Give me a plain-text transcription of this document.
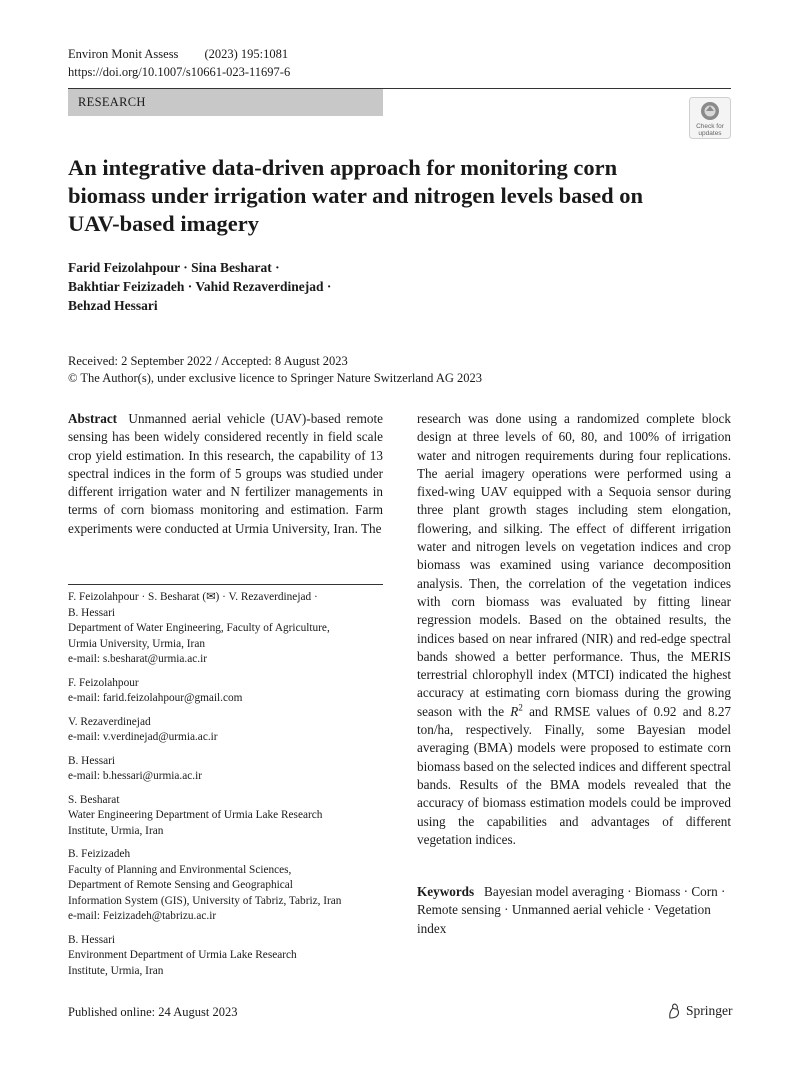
Environ Monit Assess (2023) 195:1081
https://doi.org/10.1007/s10661-023-11697-6
RESEARCH
Check for
updates
An integrative data-driven approach for monitoring corn biomass under irrigation water and nitrogen levels based on UAV-based imagery
Farid Feizolahpour · Sina Besharat ·
Bakhtiar Feizizadeh · Vahid Rezaverdinejad ·
Behzad Hessari
Received: 2 September 2022 / Accepted: 8 August 2023
© The Author(s), under exclusive licence to Springer Nature Switzerland AG 2023

Abstract Unmanned aerial vehicle (UAV)-based remote sensing has been widely considered recently in field scale crop yield estimation. In this research, the capability of 13 spectral indices in the form of 5 groups was studied under different irrigation water and N fertilizer managements in terms of corn biomass monitoring and estimation. Farm experiments were conducted at Urmia University, Iran. The

F. Feizolahpour · S. Besharat (✉) · V. Rezaverdinejad ·
B. Hessari
Department of Water Engineering, Faculty of Agriculture,
Urmia University, Urmia, Iran
e-mail: s.besharat@urmia.ac.ir
F. Feizolahpour
e-mail: farid.feizolahpour@gmail.com
V. Rezaverdinejad
e-mail: v.verdinejad@urmia.ac.ir
B. Hessari
e-mail: b.hessari@urmia.ac.ir
S. Besharat
Water Engineering Department of Urmia Lake Research
Institute, Urmia, Iran
B. Feizizadeh
Faculty of Planning and Environmental Sciences,
Department of Remote Sensing and Geographical
Information System (GIS), University of Tabriz, Tabriz, Iran
e-mail: Feizizadeh@tabrizu.ac.ir
B. Hessari
Environment Department of Urmia Lake Research
Institute, Urmia, Iran

research was done using a randomized complete block design at three levels of 60, 80, and 100% of irrigation water and nitrogen requirements during four replications. The aerial imagery operations were performed using a fixed-wing UAV equipped with a Sequoia sensor during three plant growth stages including stem elongation, flowering, and silking. The effect of different irrigation water and nitrogen levels on vegetation indices and crop biomass was examined using variance decomposition analysis. Then, the correlation of the vegetation indices with corn biomass was evaluated by fitting linear regression models. Based on the obtained results, the indices based on near infrared (NIR) and red-edge spectral bands showed a better performance. Thus, the MERIS terrestrial chlorophyll index (MTCI) indicated the highest accuracy at estimating corn biomass during the growing season with the $R^2$ and RMSE values of 0.92 and 8.27 ton/ha, respectively. Finally, some Bayesian model averaging (BMA) models were proposed to estimate corn biomass based on the selected indices and different spectral bands. Results of the BMA models revealed that the accuracy of biomass estimation models could be improved using the capabilities and advantages of different vegetation indices.

Keywords Bayesian model averaging · Biomass · Corn · Remote sensing · Unmanned aerial vehicle · Vegetation index
Published online: 24 August 2023	Springer
